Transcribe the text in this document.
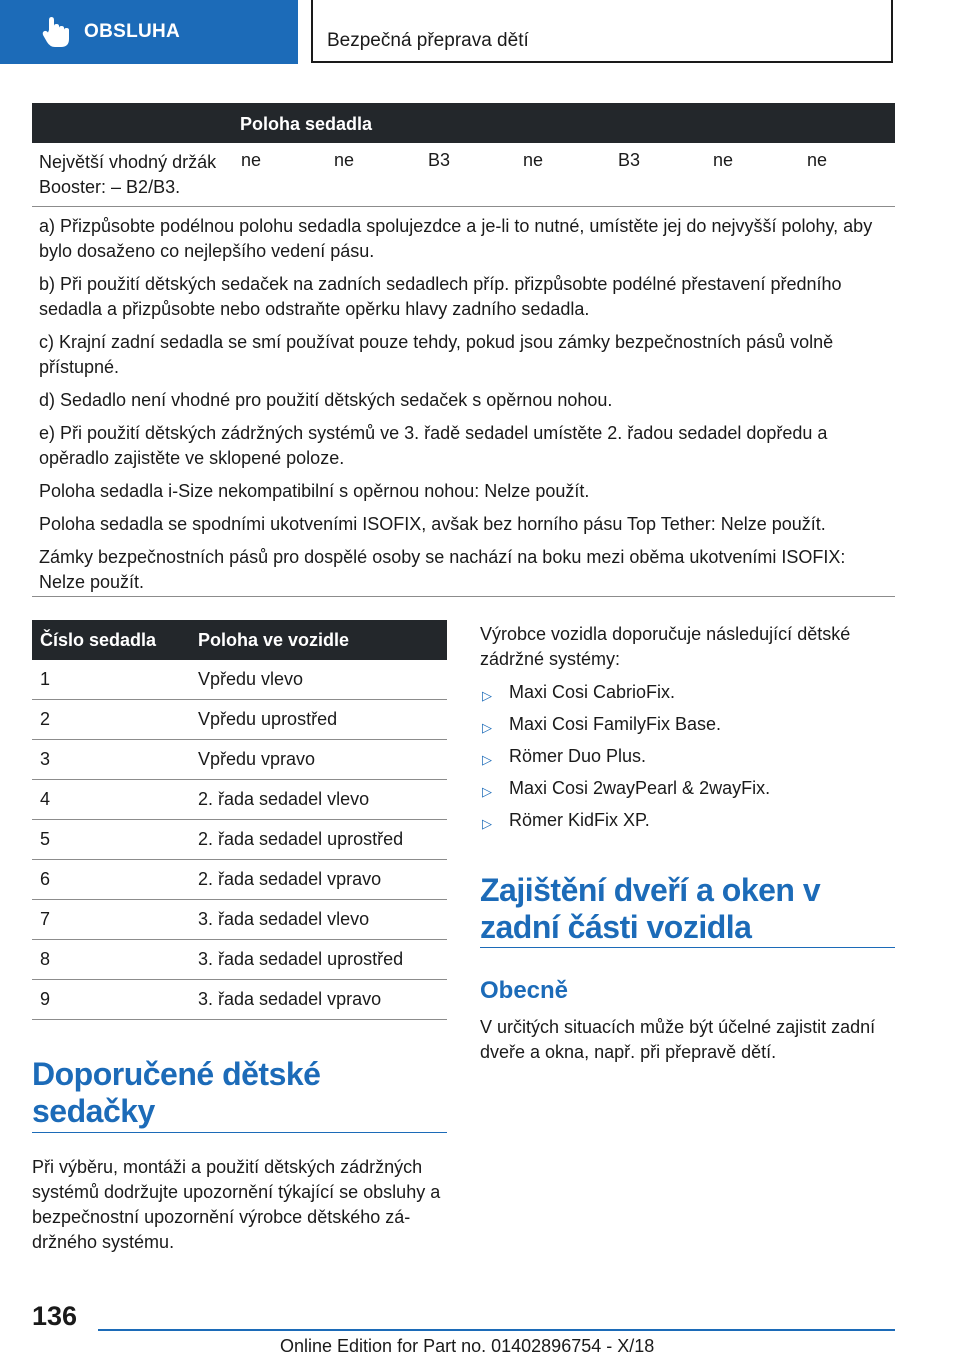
OBSLUHA	Bezpečná přeprava dětí
Poloha sedadla
Největší vhodný držák Booster: – B2/B3.
ne	ne	B3	ne	B3	ne	ne

a) Přizpůsobte podélnou polohu sedadla spolujezdce a je-li to nutné, umístěte jej do nejvyšší polohy, aby bylo dosaženo co nejlepšího vedení pásu.

b) Při použití dětských sedaček na zadních sedadlech příp. přizpůsobte podélné přestavení předního sedadla a přizpůsobte nebo odstraňte opěrku hlavy zadního sedadla.

c) Krajní zadní sedadla se smí používat pouze tehdy, pokud jsou zámky bezpečnostních pásů volně přístupné.

d) Sedadlo není vhodné pro použití dětských sedaček s opěrnou nohou.

e) Při použití dětských zádržných systémů ve 3. řadě sedadel umístěte 2. řadou sedadel dopředu a opěradlo zajistěte ve sklopené poloze.

Poloha sedadla i-Size nekompatibilní s opěrnou nohou: Nelze použít.

Poloha sedadla se spodními ukotveními ISOFIX, avšak bez horního pásu Top Tether: Nelze použít.

Zámky bezpečnostních pásů pro dospělé osoby se nachází na boku mezi oběma ukotveními ISOFIX: Nelze použít.

Číslo sedadla	Poloha ve vozidle
1	Vpředu vlevo
2	Vpředu uprostřed
3	Vpředu vpravo
4	2. řada sedadel vlevo
5	2. řada sedadel uprostřed
6	2. řada sedadel vpravo
7	3. řada sedadel vlevo
8	3. řada sedadel uprostřed
9	3. řada sedadel vpravo
Doporučené dětské sedačky
Při výběru, montáži a použití dětských zádržných systémů dodržujte upozornění týkající se obsluhy a bezpečnostní upozornění výrobce dětského zá-držného systému.
Výrobce vozidla doporučuje následující dětské zádržné systémy:
▷ Maxi Cosi CabrioFix.
▷ Maxi Cosi FamilyFix Base.
▷ Römer Duo Plus.
▷ Maxi Cosi 2wayPearl & 2wayFix.
▷ Römer KidFix XP.
Zajištění dveří a oken v zadní části vozidla
Obecně
V určitých situacích může být účelné zajistit zadní dveře a okna, např. při přepravě dětí.
136
Online Edition for Part no. 01402896754 - X/18
